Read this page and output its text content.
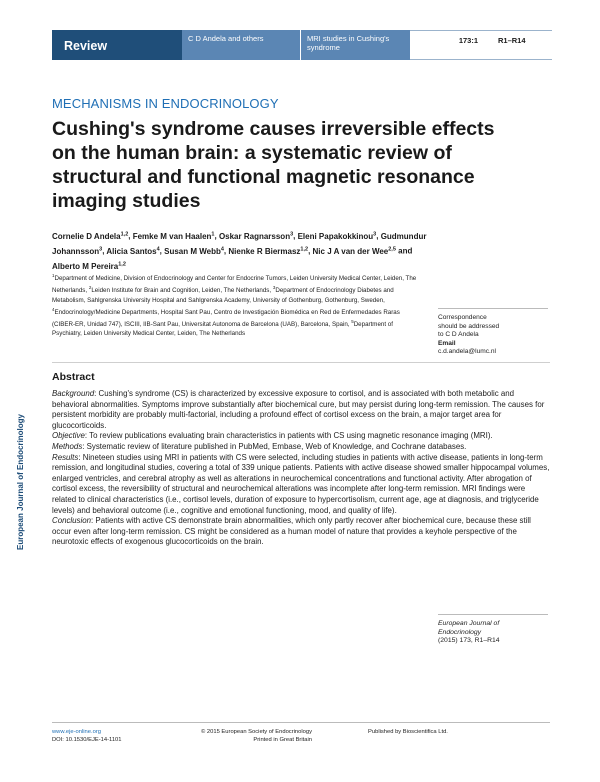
Review
C D Andela and others	MRI studies in Cushing's syndrome
173:1	R1–R14
European Journal of Endocrinology
MECHANISMS IN ENDOCRINOLOGY
Cushing's syndrome causes irreversible effects on the human brain: a systematic review of structural and functional magnetic resonance imaging studies
Cornelie D Andela$^{1,2}$, Femke M van Haalen$^1$, Oskar Ragnarsson$^3$, Eleni Papakokkinou$^3$, Gudmundur Johannsson$^3$, Alicia Santos$^4$, Susan M Webb$^4$, Nienke R Biermasz$^{1,2}$, Nic J A van der Wee$^{2,5}$ and Alberto M Pereira$^{1,2}$
$^1$Department of Medicine, Division of Endocrinology and Center for Endocrine Tumors, Leiden University Medical Center, Leiden, The Netherlands, $^2$Leiden Institute for Brain and Cognition, Leiden, The Netherlands, $^3$Department of Endocrinology Diabetes and Metabolism, Sahlgrenska University Hospital and Sahlgrenska Academy, University of Gothenburg, Gothenburg, Sweden, $^4$Endocrinology/Medicine Departments, Hospital Sant Pau, Centro de Investigación Biomédica en Red de Enfermedades Raras (CIBER-ER, Unidad 747), ISCIII, IIB-Sant Pau, Universitat Autonoma de Barcelona (UAB), Barcelona, Spain, $^5$Department of Psychiatry, Leiden University Medical Center, Leiden, The Netherlands
Correspondence
should be addressed
to C D Andela
Email
c.d.andela@lumc.nl
Abstract

Background: Cushing's syndrome (CS) is characterized by excessive exposure to cortisol, and is associated with both metabolic and behavioral abnormalities. Symptoms improve substantially after biochemical cure, but may persist during long-term remission. The causes for persistent morbidity are probably multi-factorial, including a profound effect of cortisol excess on the brain, a major target area for glucocorticoids.

Objective: To review publications evaluating brain characteristics in patients with CS using magnetic resonance imaging (MRI).

Methods: Systematic review of literature published in PubMed, Embase, Web of Knowledge, and Cochrane databases.

Results: Nineteen studies using MRI in patients with CS were selected, including studies in patients with active disease, patients in long-term remission, and longitudinal studies, covering a total of 339 unique patients. Patients with active disease showed smaller hippocampal volumes, enlarged ventricles, and cerebral atrophy as well as alterations in neurochemical concentrations and functional activity. After abrogation of cortisol excess, the reversibility of structural and neurochemical alterations was incomplete after long-term remission. MRI findings were related to clinical characteristics (i.e., cortisol levels, duration of exposure to hypercortisolism, current age, age at diagnosis, and triglyceride levels) and behavioral outcome (i.e., cognitive and emotional functioning, mood, and quality of life).

Conclusion: Patients with active CS demonstrate brain abnormalities, which only partly recover after biochemical cure, because these still occur even after long-term remission. CS might be considered as a human model of nature that provides a keyhole perspective of the neurotoxic effects of exogenous glucocorticoids on the brain.

European Journal of
Endocrinology
(2015) 173, R1–R14
www.eje-online.org
DOI: 10.1530/EJE-14-1101
© 2015 European Society of Endocrinology
Printed in Great Britain
Published by Bioscientifica Ltd.
